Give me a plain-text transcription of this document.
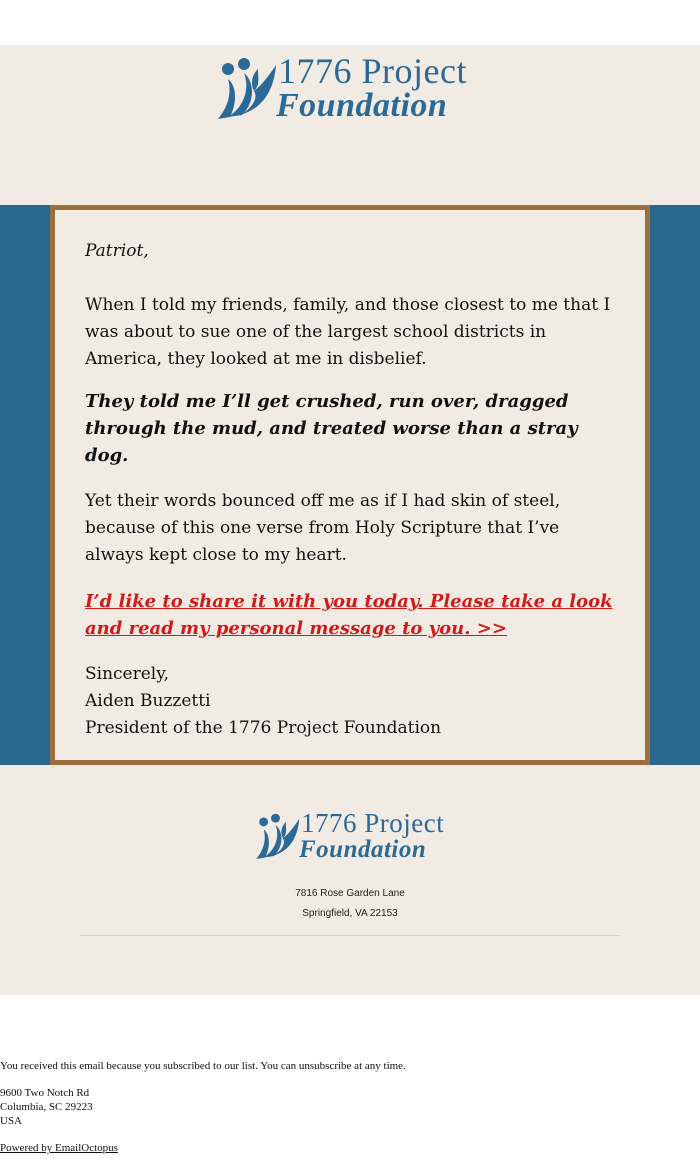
1776 Project
Foundation

Patriot,

When I told my friends, family, and those closest to me that I was about to sue one of the largest school districts in America, they looked at me in disbelief.

They told me I’ll get crushed, run over, dragged through the mud, and treated worse than a stray dog.

Yet their words bounced off me as if I had skin of steel, because of this one verse from Holy Scripture that I’ve always kept close to my heart.

I’d like to share it with you today. Please take a look and read my personal message to you. >>

Sincerely,

Aiden Buzzetti

President of the 1776 Project Foundation

1776 Project
Foundation
7816 Rose Garden Lane
Springfield, VA 22153
You received this email because you subscribed to our list. You can unsubscribe at any time.
9600 Two Notch Rd
Columbia, SC 29223
USA
Powered by EmailOctopus
